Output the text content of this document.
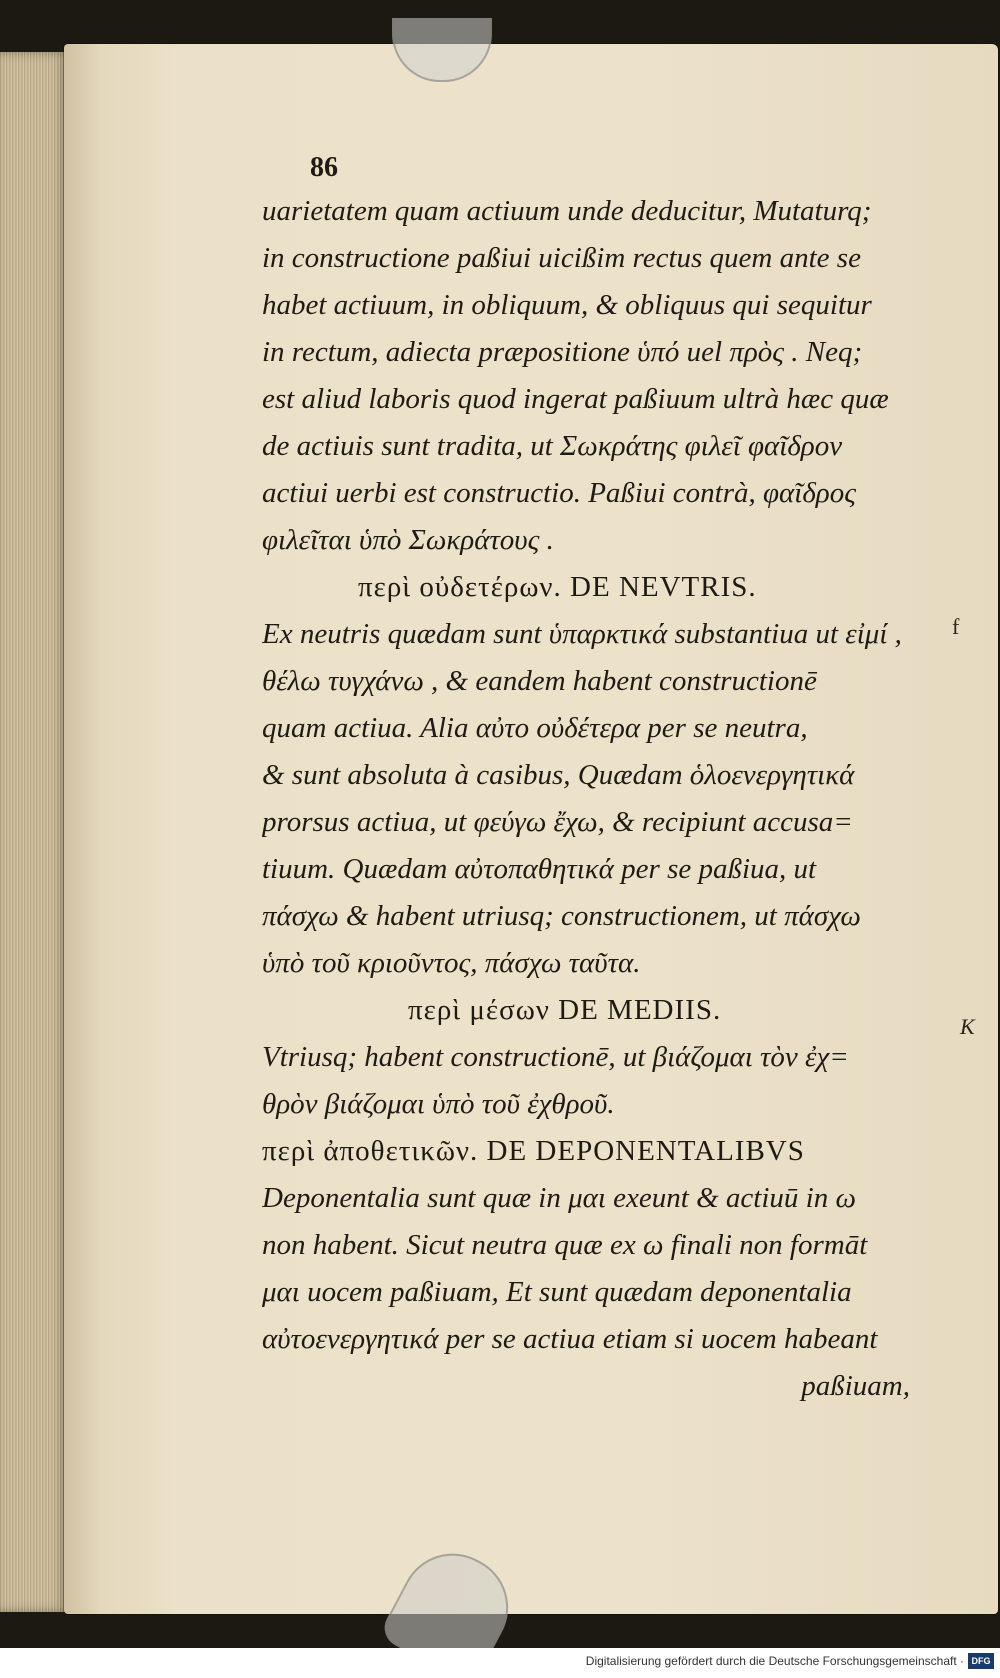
86
uarietatem quam actiuum unde deducitur, Mutaturq;
in constructione paßiui uicißim rectus quem ante se
habet actiuum, in obliquum, & obliquus qui sequitur
in rectum, adiecta præpositione ὑπό uel πρὸς . Neq;
est aliud laboris quod ingerat paßiuum ultrà hæc quæ
de actiuis sunt tradita, ut Σωκράτης φιλεῖ φαῖδρον
actiui uerbi est constructio. Paßiui contrà, φαῖδρος
φιλεῖται ὑπὸ Σωκράτους .
περὶ οὐδετέρων. DE NEVTRIS.
Ex neutris quædam sunt ὑπαρκτικά substantiua ut εἰμί ,
θέλω τυγχάνω , & eandem habent constructionē
quam actiua. Alia αὐτο οὐδέτερα per se neutra,
& sunt absoluta à casibus, Quædam ὁλοενεργητικά
prorsus actiua, ut φεύγω ἔχω, & recipiunt accusa=
tiuum. Quædam αὐτοπαθητικά per se paßiua, ut
πάσχω & habent utriusq; constructionem, ut πάσχω
ὑπὸ τοῦ κριοῦντος, πάσχω ταῦτα.
περὶ μέσων DE MEDIIS.
Vtriusq; habent constructionē, ut βιάζομαι τὸν ἐχ=
θρὸν βιάζομαι ὑπὸ τοῦ ἐχθροῦ.
περὶ ἀποθετικῶν. DE DEPONENTALIBVS
Deponentalia sunt quæ in μαι exeunt & actiuū in ω
non habent. Sicut neutra quæ ex ω finali non formāt
μαι uocem paßiuam, Et sunt quædam deponentalia
αὐτοενεργητικά per se actiua etiam si uocem habeant
paßiuam,
K
f
Digitalisierung gefördert durch die Deutsche Forschungsgemeinschaft · DFG
